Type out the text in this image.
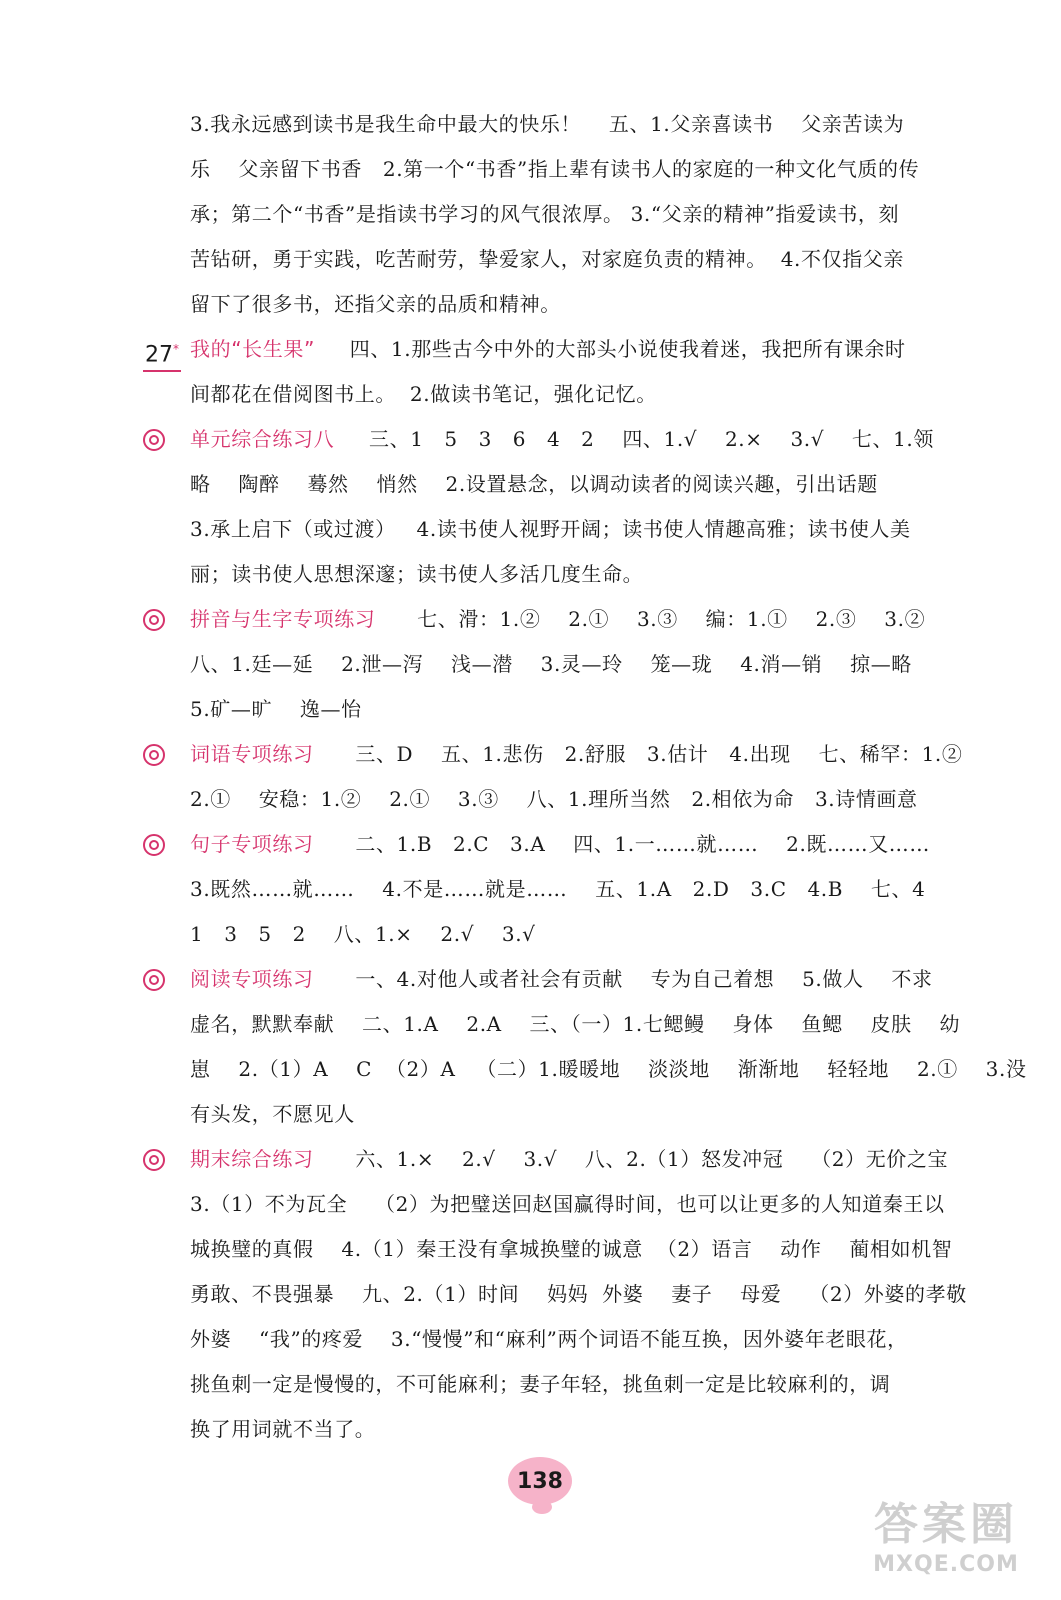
3.我永远感到读书是我生命中最大的快乐！    五、1.父亲喜读书    父亲苦读为
乐    父亲留下书香   2.第一个“书香”指上辈有读书人的家庭的一种文化气质的传
承；第二个“书香”是指读书学习的风气很浓厚。 3.“父亲的精神”指爱读书，刻
苦钻研，勇于实践，吃苦耐劳，挚爱家人，对家庭负责的精神。  4.不仅指父亲
留下了很多书，还指父亲的品质和精神。
我的“长生果”     四、1.那些古今中外的大部头小说使我着迷，我把所有课余时
间都花在借阅图书上。  2.做读书笔记，强化记忆。
单元综合练习八     三、1   5   3   6   4   2    四、1.√    2.×    3.√    七、1.领
略    陶醉    蓦然    悄然    2.设置悬念，以调动读者的阅读兴趣，引出话题
3.承上启下（或过渡）   4.读书使人视野开阔；读书使人情趣高雅；读书使人美
丽；读书使人思想深邃；读书使人多活几度生命。
拼音与生字专项练习      七、滑：1.②    2.①    3.③    编：1.①    2.③    3.②
八、1.廷—延    2.泄—泻    浅—潜    3.灵—玲    笼—珑    4.消—销    掠—略
5.矿—旷    逸—怡
词语专项练习      三、D    五、1.悲伤   2.舒服   3.估计   4.出现    七、稀罕：1.②
2.①    安稳：1.②    2.①    3.③    八、1.理所当然   2.相依为命   3.诗情画意
句子专项练习      二、1.B   2.C   3.A    四、1.一……就……    2.既……又……
3.既然……就……    4.不是……就是……    五、1.A   2.D   3.C   4.B    七、4
1   3   5   2    八、1.×    2.√    3.√
阅读专项练习      一、4.对他人或者社会有贡献    专为自己着想    5.做人    不求
虚名，默默奉献    二、1.A    2.A    三、（一）1.七鳃鳗    身体    鱼鳃    皮肤    幼
崽    2.（1）A    C  （2）A   （二）1.暖暖地    淡淡地    渐渐地    轻轻地    2.①    3.没
有头发，不愿见人
期末综合练习      六、1.×    2.√    3.√    八、2.（1）怒发冲冠    （2）无价之宝
3.（1）不为瓦全    （2）为把璧送回赵国赢得时间，也可以让更多的人知道秦王以
城换璧的真假    4.（1）秦王没有拿城换璧的诚意  （2）语言    动作    蔺相如机智
勇敢、不畏强暴    九、2.（1）时间    妈妈  外婆    妻子    母爱    （2）外婆的孝敬
外婆    “我”的疼爱    3.“慢慢”和“麻利”两个词语不能互换，因外婆年老眼花，
挑鱼刺一定是慢慢的，不可能麻利；妻子年轻，挑鱼刺一定是比较麻利的，调
换了用词就不当了。
27*
138
答案圈
MXQE.COM
